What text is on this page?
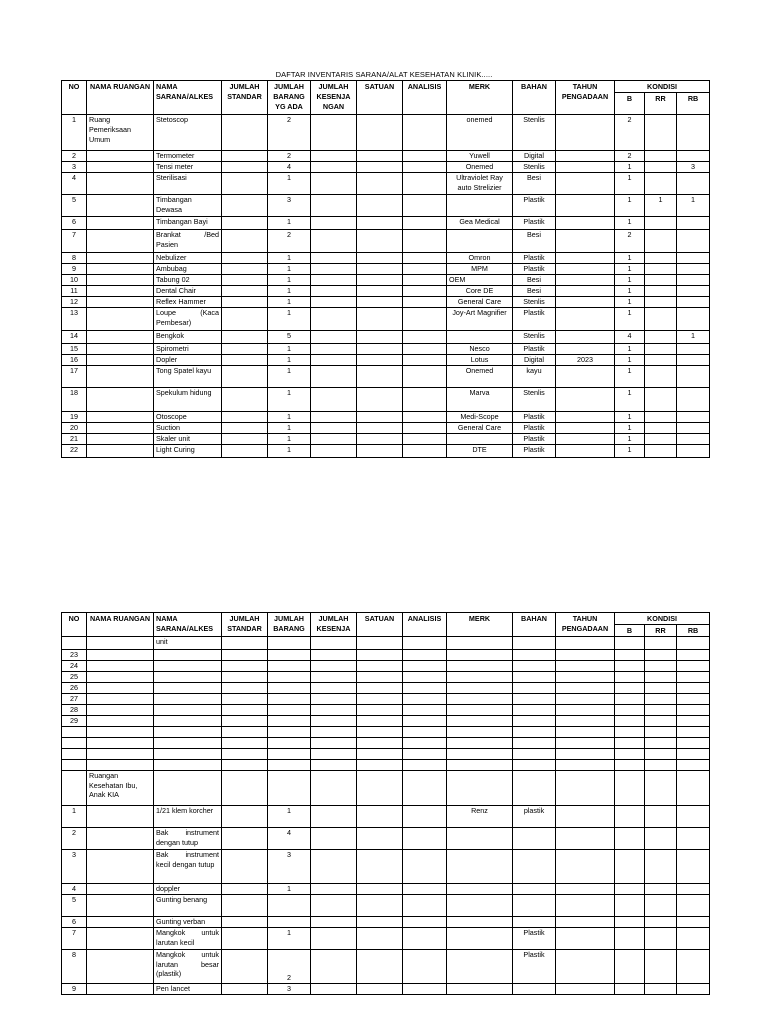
DAFTAR INVENTARIS SARANA/ALAT KESEHATAN KLINIK.....
NO	NAMA RUANGAN	NAMA SARANA/ALKES	JUMLAH STANDAR	JUMLAH BARANG YG ADA	JUMLAH KESENJA NGAN	SATUAN	ANALISIS	MERK	BAHAN	TAHUN PENGADAAN	KONDISI		
											B	RR	RB
1	Ruang Pemeriksaan Umum	Stetoscop		2				onemed	Stenlis		2		
2		Termometer		2				Yuwell	Digital		2		
3		Tensi meter		4				Onemed	Stenlis		1		3
4		Sterilisasi		1				Ultraviolet Ray auto Strelizier	Besi		1		
5		Timbangan Dewasa		3					Plastik		1	1	1
6		Timbangan Bayi		1				Gea Medical	Plastik		1		
7		Brankat /Bed Pasien		2					Besi		2		
8		Nebulizer		1				Omron	Plastik		1		
9		Ambubag		1				MPM	Plastik		1		
10		Tabung 02		1				OEM	Besi		1		
11		Dental Chair		1				Core DE	Besi		1		
12		Reflex Hammer		1				General Care	Stenlis		1		
13		Loupe (Kaca Pembesar)		1				Joy-Art Magnifier	Plastik		1		
14		Bengkok		5					Stenlis		4		1
15		Spirometri		1				Nesco	Plastik		1		
16		Dopler		1				Lotus	Digital	2023	1		
17		Tong Spatel kayu		1				Onemed	kayu		1		
18		Spekulum hidung		1				Marva	Stenlis		1		
19		Otoscope		1				Medi-Scope	Plastik		1		
20		Suction		1				General Care	Plastik		1		
21		Skaler unit		1					Plastik		1		
22		Light Curing		1				DTE	Plastik		1		
NO	NAMA RUANGAN	NAMA SARANA/ALKES	JUMLAH STANDAR	JUMLAH BARANG	JUMLAH KESENJA	SATUAN	ANALISIS	MERK	BAHAN	TAHUN PENGADAAN	KONDISI		
											B	RR	RB
		unit											
23													
24													
25													
26													
27													
28													
29													

	Ruangan Kesehatan Ibu, Anak KIA												
1		1/21 klem korcher		1				Renz	plastik				
2		Bak instrument dengan tutup		4									
3		Bak instrument kecil dengan tutup		3									
4		doppler		1									
5		Gunting benang											
6		Gunting verban											
7		Mangkok untuk larutan kecil		1					Plastik				
8		Mangkok untuk larutan besar (plastik)		2					Plastik				
9		Pen lancet		3									
